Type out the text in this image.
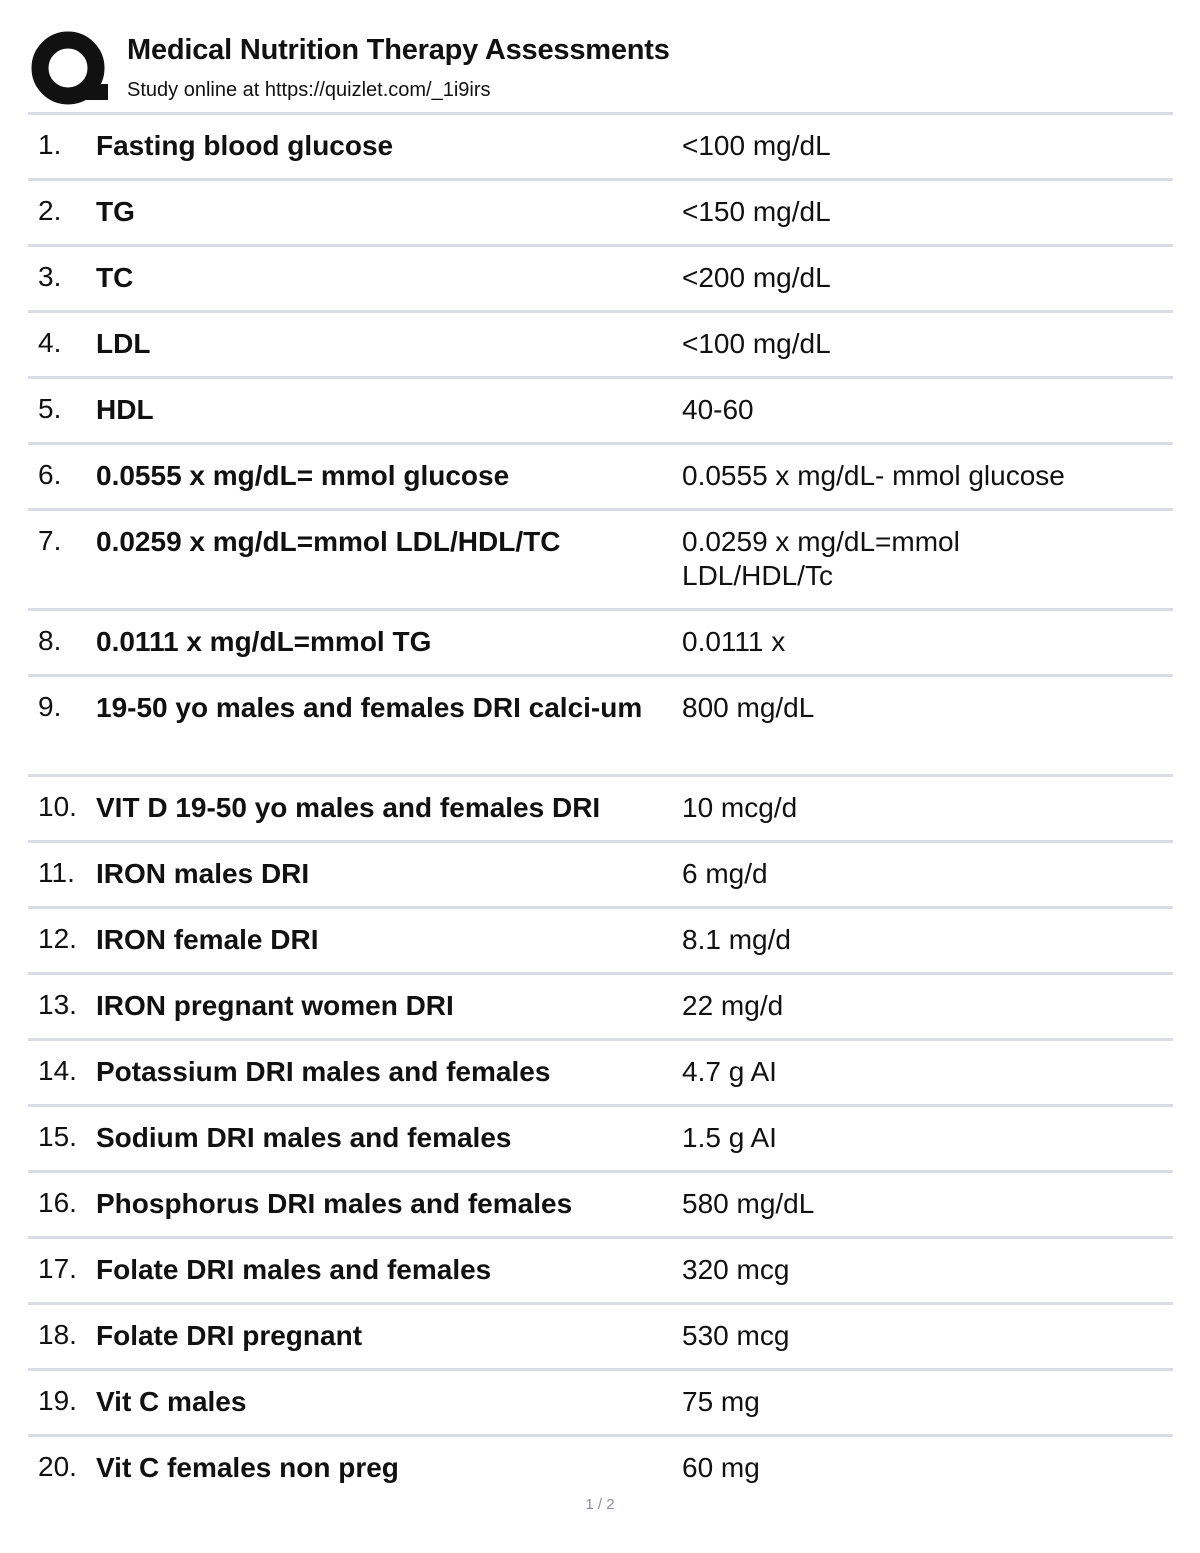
Medical Nutrition Therapy Assessments
Study online at https://quizlet.com/_1i9irs
1. Fasting blood glucose	<100 mg/dL
2. TG	<150 mg/dL
3. TC	<200 mg/dL
4. LDL	<100 mg/dL
5. HDL	40-60
6. 0.0555 x mg/dL= mmol glucose	0.0555 x mg/dL- mmol glucose
7. 0.0259 x mg/dL=mmol LDL/HDL/TC	0.0259 x mg/dL=mmol LDL/HDL/Tc
8. 0.0111 x mg/dL=mmol TG	0.0111 x
9. 19-50 yo males and females DRI calci-um	800 mg/dL
10. VIT D 19-50 yo males and females DRI	10 mcg/d
11. IRON males DRI	6 mg/d
12. IRON female DRI	8.1 mg/d
13. IRON pregnant women DRI	22 mg/d
14. Potassium DRI males and females	4.7 g AI
15. Sodium DRI males and females	1.5 g AI
16. Phosphorus DRI males and females	580 mg/dL
17. Folate DRI males and females	320 mcg
18. Folate DRI pregnant	530 mcg
19. Vit C males	75 mg
20. Vit C females non preg	60 mg
1 / 2
